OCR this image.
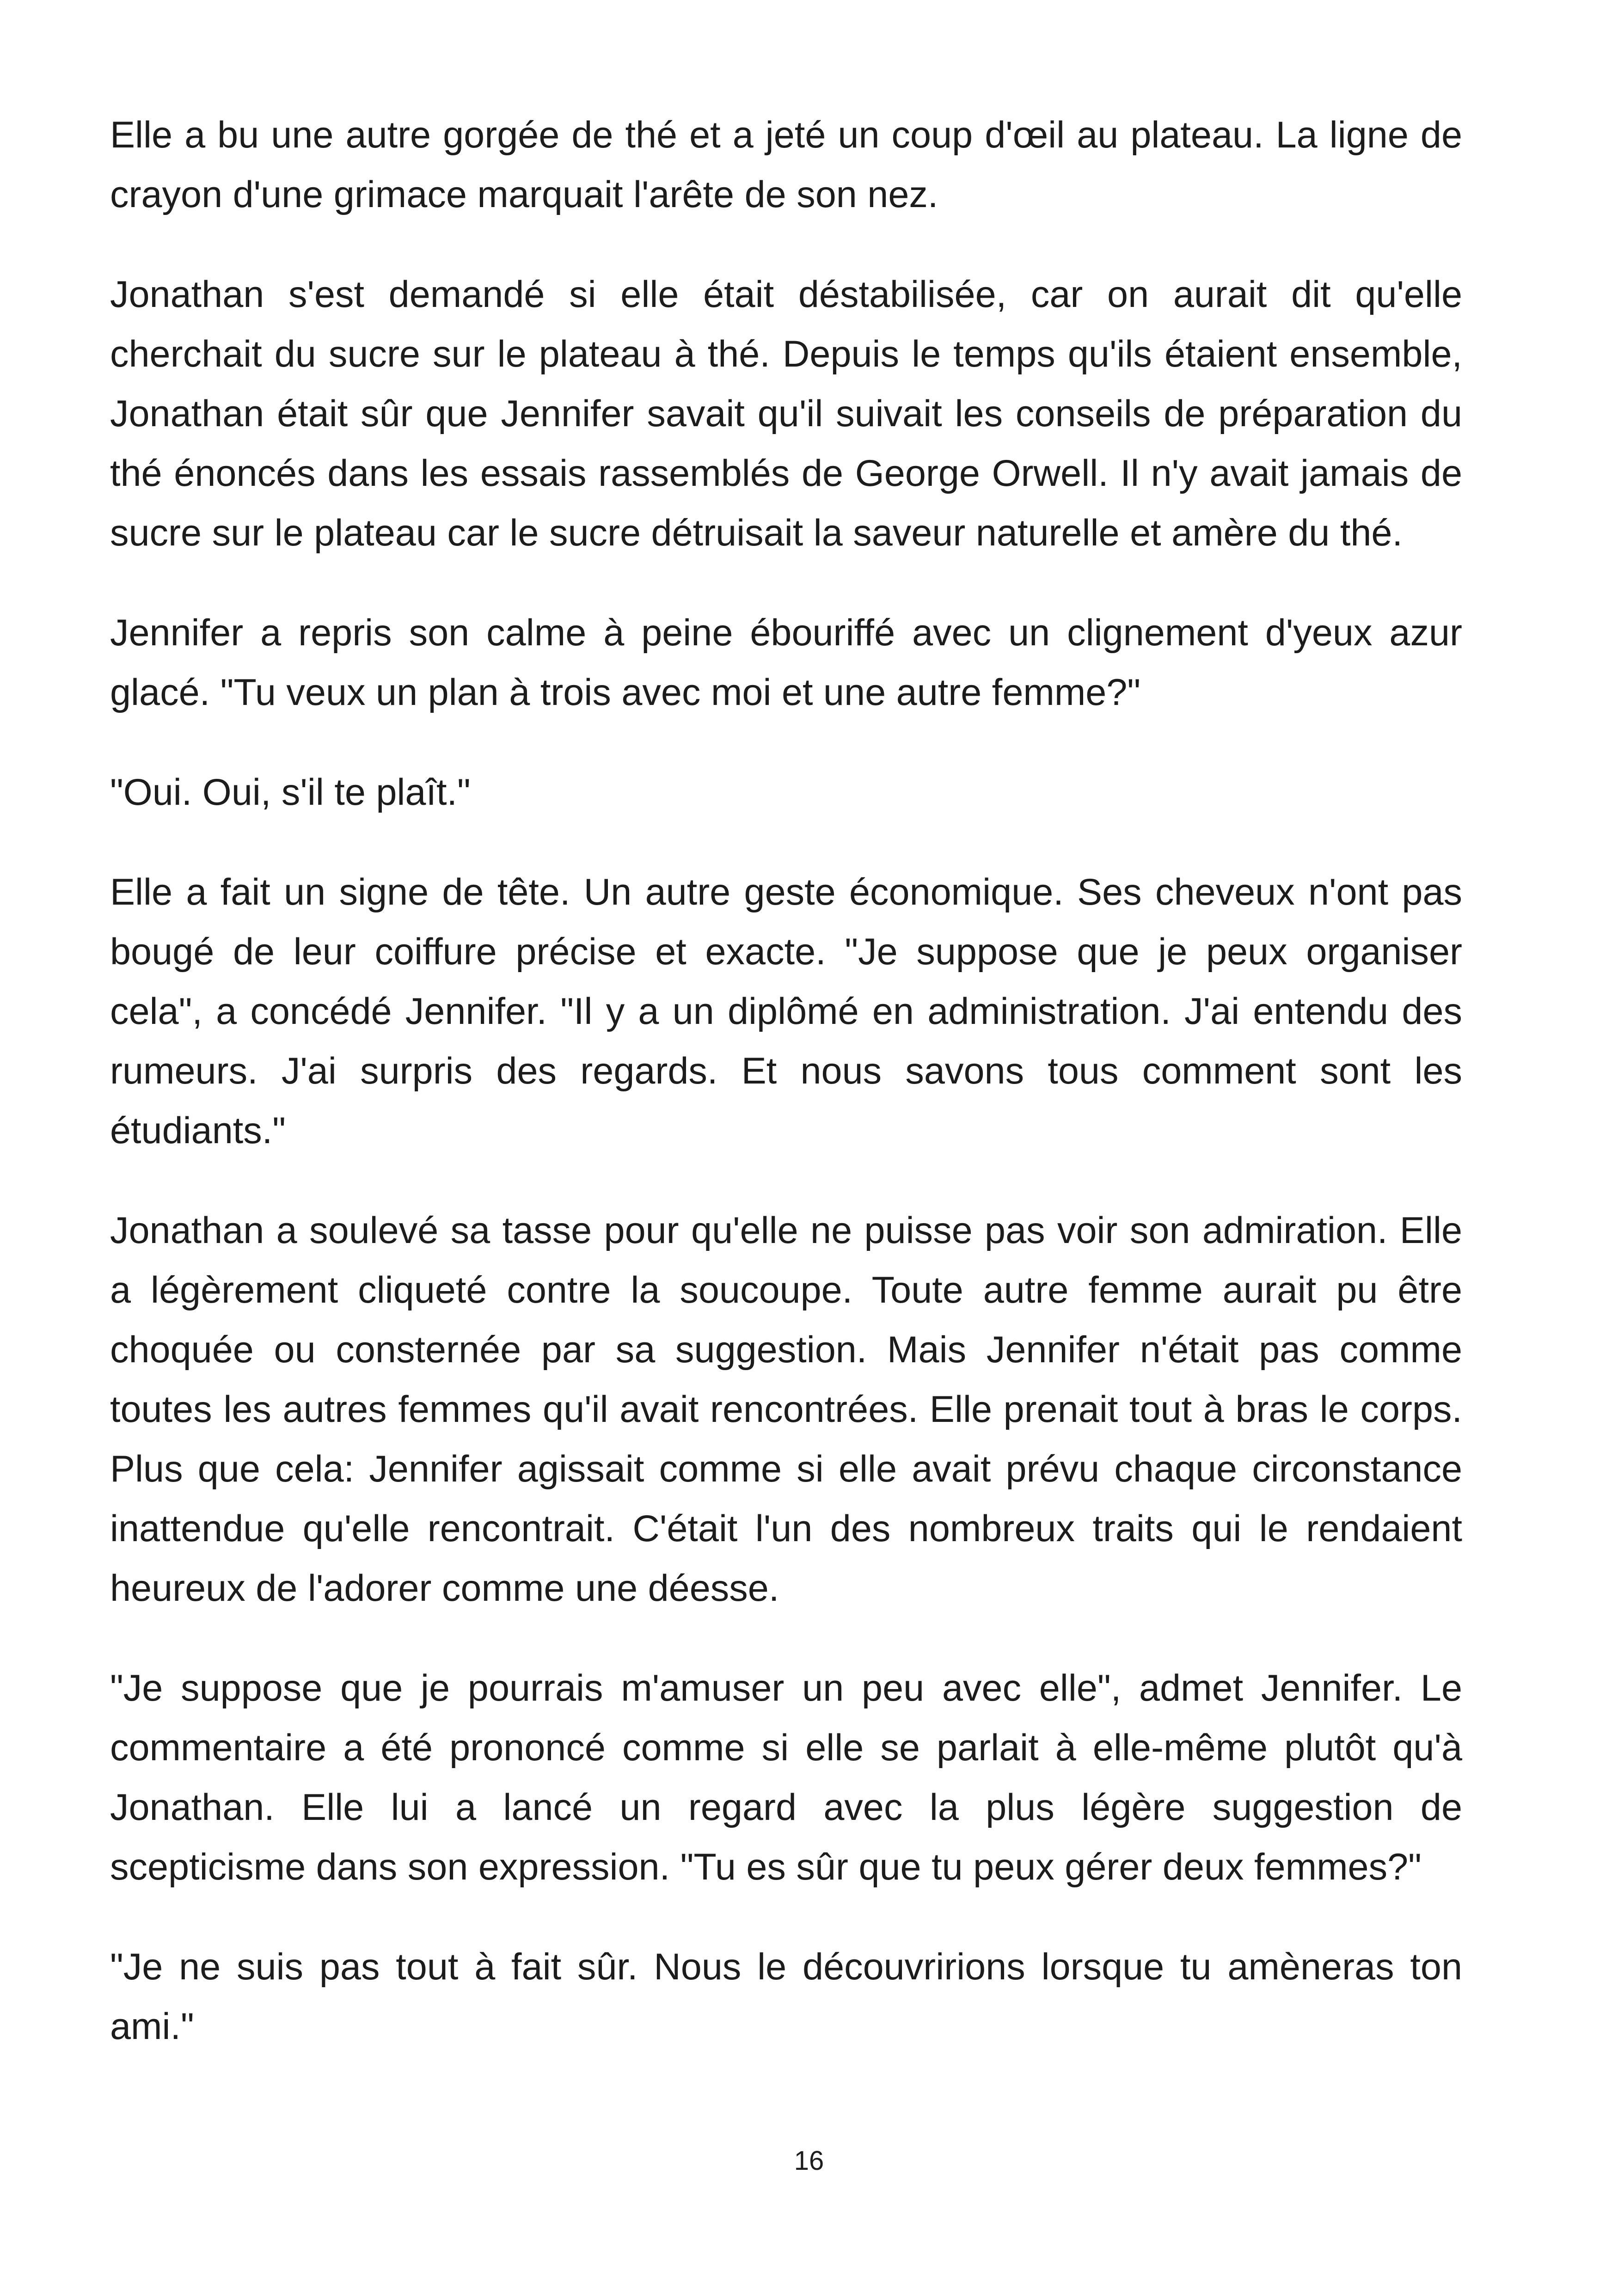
Elle a bu une autre gorgée de thé et a jeté un coup d'œil au plateau. La ligne de crayon d'une grimace marquait l'arête de son nez.

Jonathan s'est demandé si elle était déstabilisée, car on aurait dit qu'elle cherchait du sucre sur le plateau à thé. Depuis le temps qu'ils étaient ensemble, Jonathan était sûr que Jennifer savait qu'il suivait les conseils de préparation du thé énoncés dans les essais rassemblés de George Orwell. Il n'y avait jamais de sucre sur le plateau car le sucre détruisait la saveur naturelle et amère du thé.

Jennifer a repris son calme à peine ébouriffé avec un clignement d'yeux azur glacé. "Tu veux un plan à trois avec moi et une autre femme?"

"Oui. Oui, s'il te plaît."

Elle a fait un signe de tête. Un autre geste économique. Ses cheveux n'ont pas bougé de leur coiffure précise et exacte. "Je suppose que je peux organiser cela", a concédé Jennifer. "Il y a un diplômé en administration. J'ai entendu des rumeurs. J'ai surpris des regards. Et nous savons tous comment sont les étudiants."

Jonathan a soulevé sa tasse pour qu'elle ne puisse pas voir son admiration. Elle a légèrement cliqueté contre la soucoupe. Toute autre femme aurait pu être choquée ou consternée par sa suggestion. Mais Jennifer n'était pas comme toutes les autres femmes qu'il avait rencontrées. Elle prenait tout à bras le corps. Plus que cela: Jennifer agissait comme si elle avait prévu chaque circonstance inattendue qu'elle rencontrait. C'était l'un des nombreux traits qui le rendaient heureux de l'adorer comme une déesse.

"Je suppose que je pourrais m'amuser un peu avec elle", admet Jennifer. Le commentaire a été prononcé comme si elle se parlait à elle-même plutôt qu'à Jonathan. Elle lui a lancé un regard avec la plus légère suggestion de scepticisme dans son expression. "Tu es sûr que tu peux gérer deux femmes?"

"Je ne suis pas tout à fait sûr. Nous le découvririons lorsque tu amèneras ton ami."

16
